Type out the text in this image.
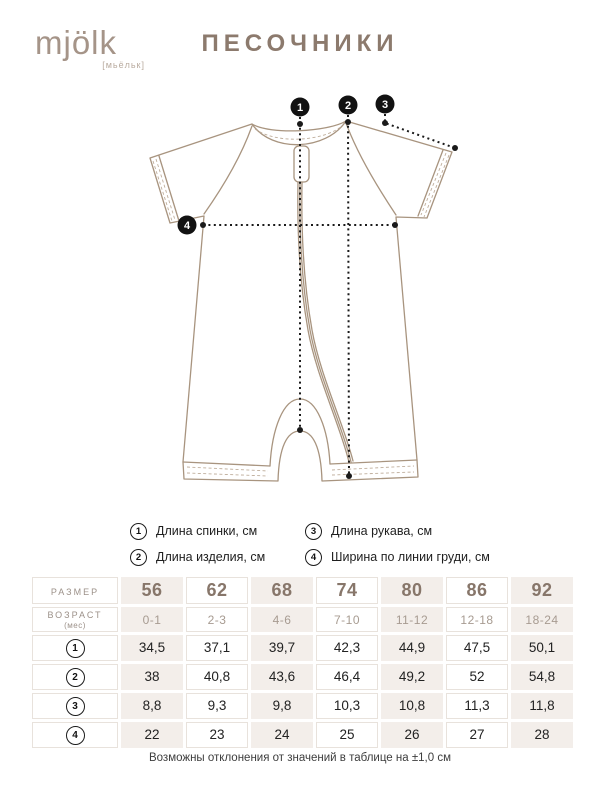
mjölk
[мьёльк]
ПЕСОЧНИКИ
1	2	3
4
1	Длина спинки, см
2	Длина изделия, см
3	Длина рукава, см
4	Ширина по линии груди, см
РАЗМЕР	56	62	68	74	80	86	92

ВОЗРАСТ
(мес)	0-1	2-3	4-6	7-10	11-12	12-18	18-24
1	34,5	37,1	39,7	42,3	44,9	47,5	50,1
2	38	40,8	43,6	46,4	49,2	52	54,8
3	8,8	9,3	9,8	10,3	10,8	11,3	11,8
4	22	23	24	25	26	27	28
Возможны отклонения от значений в таблице на ±1,0 см
